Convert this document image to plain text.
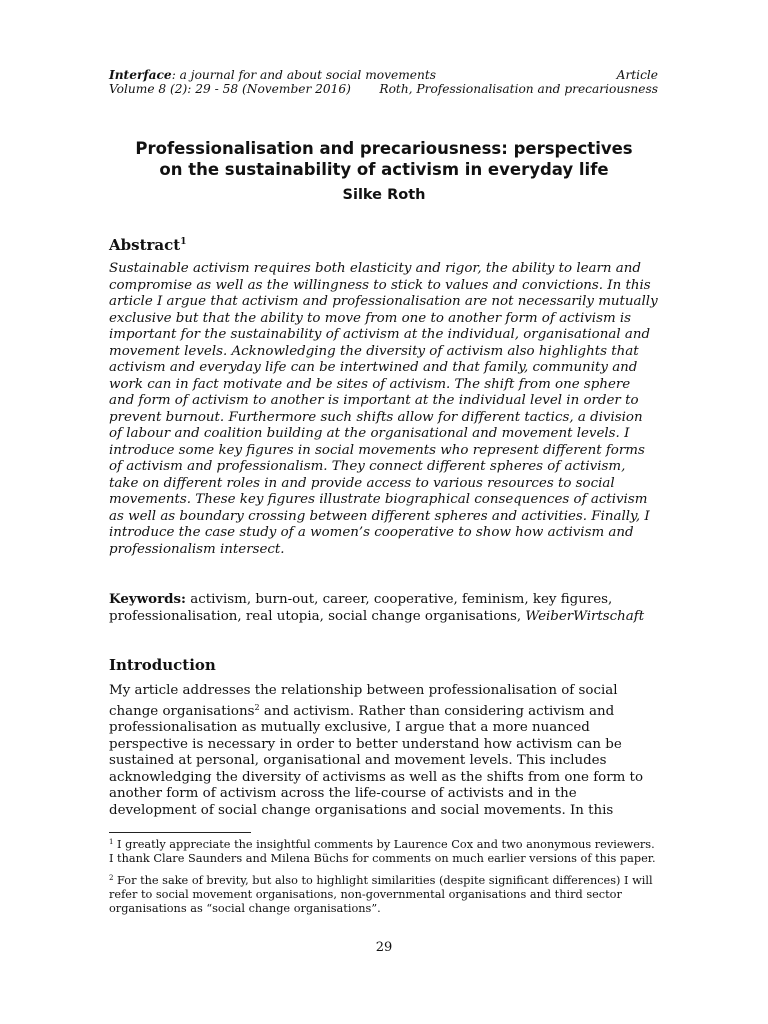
Interface: a journal for and about social movements	Article
Volume 8 (2): 29 - 58 (November 2016) Roth, Professionalisation and precariousness
Professionalisation and precariousness: perspectives
on the sustainability of activism in everyday life
Silke Roth
Abstract$^1$
Sustainable activism requires both elasticity and rigor, the ability to learn and compromise as well as the willingness to stick to values and convictions. In this article I argue that activism and professionalisation are not necessarily mutually exclusive but that the ability to move from one to another form of activism is important for the sustainability of activism at the individual, organisational and movement levels. Acknowledging the diversity of activism also highlights that activism and everyday life can be intertwined and that family, community and work can in fact motivate and be sites of activism. The shift from one sphere and form of activism to another is important at the individual level in order to prevent burnout. Furthermore such shifts allow for different tactics, a division of labour and coalition building at the organisational and movement levels. I introduce some key figures in social movements who represent different forms of activism and professionalism. They connect different spheres of activism, take on different roles in and provide access to various resources to social movements. These key figures illustrate biographical consequences of activism as well as boundary crossing between different spheres and activities. Finally, I introduce the case study of a women’s cooperative to show how activism and professionalism intersect.
Keywords: activism, burn-out, career, cooperative, feminism, key figures, professionalisation, real utopia, social change organisations, WeiberWirtschaft
Introduction
My article addresses the relationship between professionalisation of social change organisations$^2$ and activism. Rather than considering activism and professionalisation as mutually exclusive, I argue that a more nuanced perspective is necessary in order to better understand how activism can be sustained at personal, organisational and movement levels. This includes acknowledging the diversity of activisms as well as the shifts from one form to another form of activism across the life-course of activists and in the development of social change organisations and social movements. In this
$^1$ I greatly appreciate the insightful comments by Laurence Cox and two anonymous reviewers. I thank Clare Saunders and Milena Büchs for comments on much earlier versions of this paper.
$^2$ For the sake of brevity, but also to highlight similarities (despite significant differences) I will refer to social movement organisations, non-governmental organisations and third sector organisations as “social change organisations”.
29
